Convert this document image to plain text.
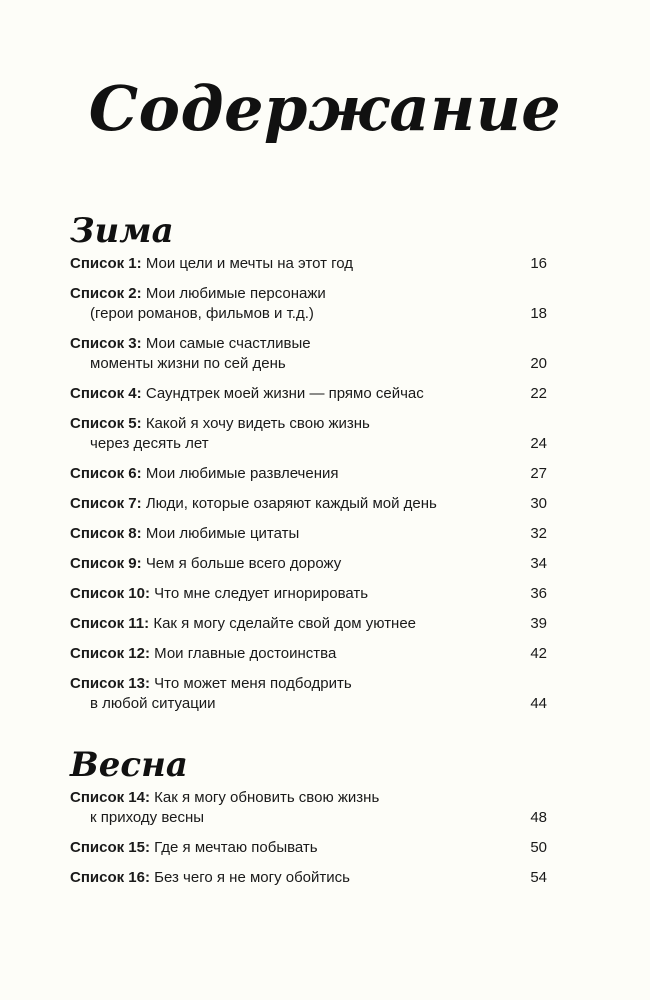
Содержание
Зима
Список 1: Мои цели и мечты на этот год	16
Список 2: Мои любимые персонажи
(герои романов, фильмов и т.д.)	18
Список 3: Мои самые счастливые
моменты жизни по сей день	20
Список 4: Саундтрек моей жизни — прямо сейчас	22
Список 5: Какой я хочу видеть свою жизнь
через десять лет	24
Список 6: Мои любимые развлечения	27
Список 7: Люди, которые озаряют каждый мой день	30
Список 8: Мои любимые цитаты	32
Список 9: Чем я больше всего дорожу	34
Список 10: Что мне следует игнорировать	36
Список 11: Как я могу сделайте свой дом уютнее	39
Список 12: Мои главные достоинства	42
Список 13: Что может меня подбодрить
в любой ситуации	44
Весна
Список 14: Как я могу обновить свою жизнь
к приходу весны	48
Список 15: Где я мечтаю побывать	50
Список 16: Без чего я не могу обойтись	54
